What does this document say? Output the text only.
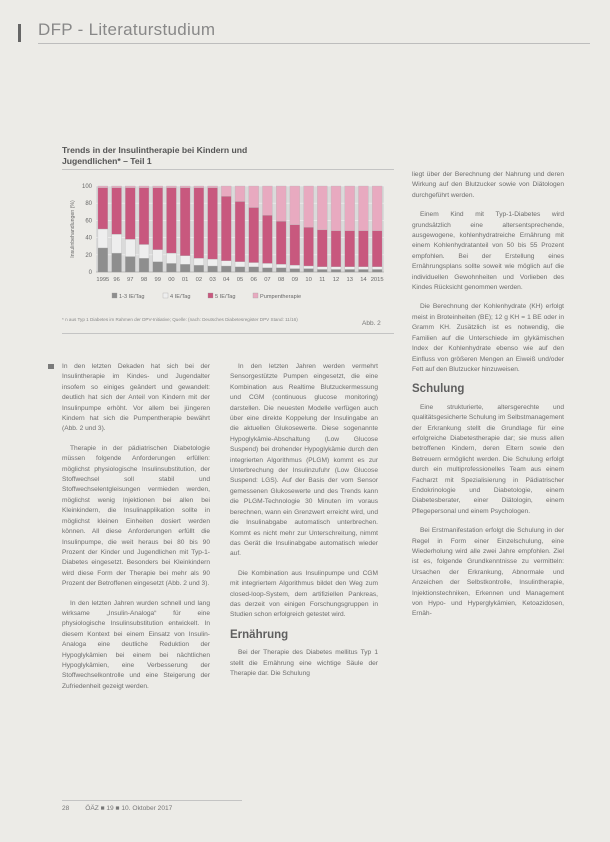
DFP - Literaturstudium
Trends in der Insulintherapie bei Kindern und Jugendlichen* – Teil 1
0
20
40
60
80
100
Insulinbehandlungen (%)
1995 96 97 98 99 00 01 02 03 04 05 06 07 08 09 10 11 12 13 14 2015
1-3 IE/Tag	4 IE/Tag	5 IE/Tag	Pumpentherapie
* n aus Typ 1 Diabetes im Rahmen der DPV-Initiative; Quelle: (nach: Deutsches Diabetesregister DPV Stand: 11/16)
Abb. 2

In den letzten Dekaden hat sich bei der Insulintherapie im Kindes- und Jugendalter insofern so einiges geändert und gewandelt: deutlich hat sich der Anteil von Kindern mit der Insulinpumpe erhöht. Vor allem bei jüngeren Kindern hat sich die Pumpentherapie bewährt (Abb. 2 und 3).

Therapie in der pädiatrischen Diabetologie müssen folgende Anforderungen erfüllen: möglichst physiologische Insulinsubstitution, der Stoffwechsel soll stabil und Stoffwechselentgleisungen vermieden werden, möglichst wenig Injektionen bei allen bei Kleinkindern, die Insulinapplikation sollte in möglichst kleinen Einheiten dosiert werden können. All diese Anforderungen erfüllt die Insulinpumpe, die weit heraus bei 80 bis 90 Prozent der Kinder und Jugendlichen mit Typ-1-Diabetes eingesetzt. Besonders bei Kleinkindern wird diese Form der Therapie bei mehr als 90 Prozent der Betroffenen eingesetzt (Abb. 2 und 3).

In den letzten Jahren wurden schnell und lang wirksame „Insulin-Analoga“ für eine physiologische Insulinsubstitution entwickelt. In diesem Kontext bei einem Einsatz von Insulin-Analoga eine deutliche Reduktion der Hypoglykämien bei einem bei nächtlichen Hypoglykämien, eine Verbesserung der Stoffwechselkontrolle und eine Steigerung der Zufriedenheit gezeigt werden.

In den letzten Jahren werden vermehrt Sensorgestützte Pumpen eingesetzt, die eine Kombination aus Realtime Blutzuckermessung und CGM (continuous glucose monitoring) darstellen. Die neuesten Modelle verfügen auch über eine direkte Koppelung der Insulingabe an die aktuellen Glukosewerte. Diese sogenannte Hypoglykämie-Abschaltung (Low Glucose Suspend) bei drohender Hypoglykämie durch den integrierten Algorithmus (PLGM) kommt es zur Unterbrechung der Insulinzufuhr (Low Glucose Suspend: LGS). Auf der Basis der vom Sensor gemessenen Glukosewerte und des Trends kann die PLGM-Technologie 30 Minuten im voraus berechnen, wann ein Grenzwert erreicht wird, und die Insulinabgabe automatisch unterbrechen. Kommt es nicht mehr zur Unterschreitung, nimmt das Gerät die Insulinabgabe automatisch wieder auf.

Die Kombination aus Insulinpumpe und CGM mit integriertem Algorithmus bildet den Weg zum closed-loop-System, dem artifiziellen Pankreas, das derzeit von einigen Forschungsgruppen in Studien schon erfolgreich getestet wird.

Ernährung

Bei der Therapie des Diabetes mellitus Typ 1 stellt die Ernährung eine wichtige Säule der Therapie dar. Die Schulung

liegt über der Berechnung der Nahrung und deren Wirkung auf den Blutzucker sowie von Diätologen durchgeführt werden.

Einem Kind mit Typ-1-Diabetes wird grundsätzlich eine altersentsprechende, ausgewogene, kohlenhydratreiche Ernährung mit einem Kohlenhydratanteil von 50 bis 55 Prozent empfohlen. Bei der Erstellung eines Ernährungsplans sollte soweit wie möglich auf die individuellen Gewohnheiten und Vorlieben des Kindes Rücksicht genommen werden.

Die Berechnung der Kohlenhydrate (KH) erfolgt meist in Broteinheiten (BE); 12 g KH = 1 BE oder in Gramm KH. Zusätzlich ist es notwendig, die Familien auf die Unterschiede im glykämischen Index der Kohlenhydrate ebenso wie auf den Einfluss von größeren Mengen an Eiweiß und/oder Fett auf den Blutzucker hinzuweisen.

Schulung

Eine strukturierte, altersgerechte und qualitätsgesicherte Schulung im Selbstmanagement der Erkrankung stellt die Grundlage für eine erfolgreiche Diabetestherapie dar; sie muss allen betroffenen Kindern, deren Eltern sowie den Betreuern ermöglicht werden. Die Schulung erfolgt durch ein multiprofessionelles Team aus einem Facharzt mit Spezialisierung in Pädiatrischer Endokrinologie und Diabetologie, einem Diabetesberater, einer Diätologin, einem Pflegepersonal und einem Psychologen.

Bei Erstmanifestation erfolgt die Schulung in der Regel in Form einer Einzelschulung, eine Wiederholung wird alle zwei Jahre empfohlen. Ziel ist es, folgende Grundkenntnisse zu vermitteln: Ursachen der Erkrankung, Abnormale und Anzeichen der Selbstkontrolle, Insulintherapie, Injektionstechniken, Erkennen und Management von Hypo- und Hyperglykämien, Ketoazidosen, Ernäh-

28 ÖÄZ ■ 19 ■ 10. Oktober 2017
